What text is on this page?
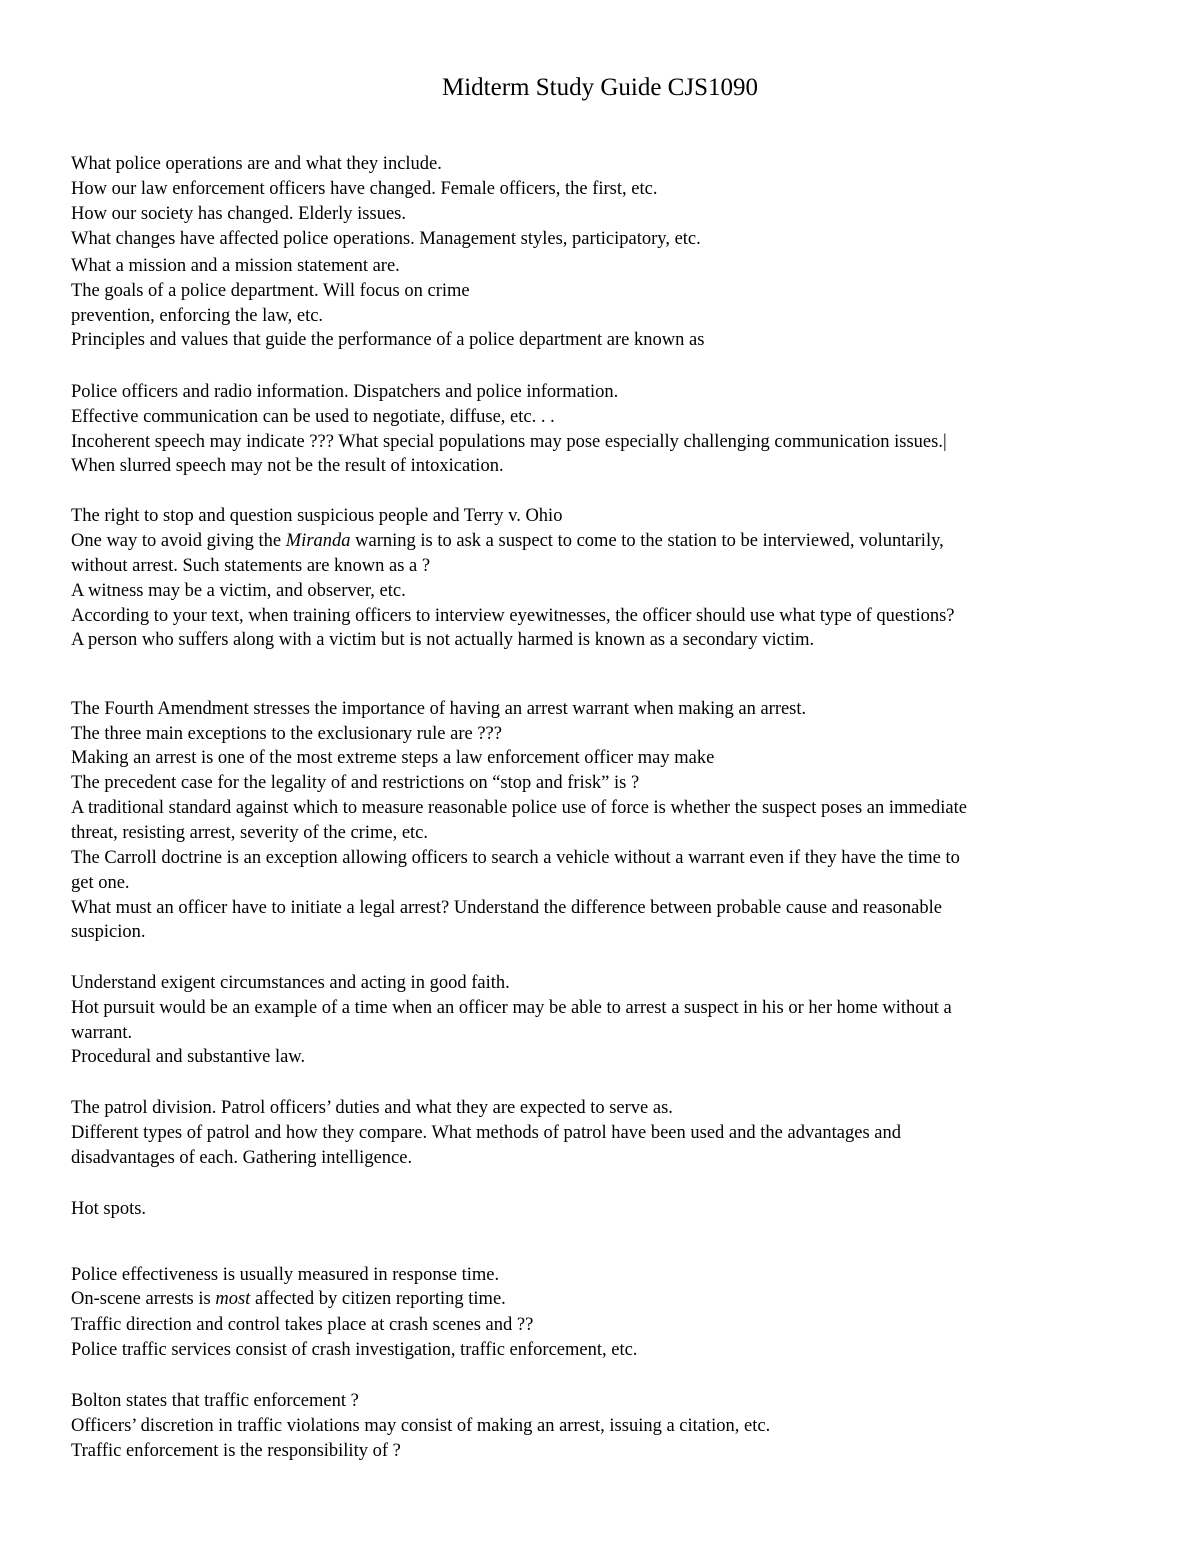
Midterm Study Guide CJS1090
What police operations are and what they include.
How our law enforcement officers have changed. Female officers, the first, etc.
How our society has changed. Elderly issues.
What changes have affected police operations. Management styles, participatory, etc.
What a mission and a mission statement are.
The goals of a police department. Will focus on crime
prevention, enforcing the law, etc.
Principles and values that guide the performance of a police department are known as
Police officers and radio information. Dispatchers and police information.
Effective communication can be used to negotiate, diffuse, etc. . .
Incoherent speech may indicate ??? What special populations may pose especially challenging communication issues.|
When slurred speech may not be the result of intoxication.
The right to stop and question suspicious people and Terry v. Ohio
One way to avoid giving the Miranda warning is to ask a suspect to come to the station to be interviewed, voluntarily,
without arrest. Such statements are known as a ?
A witness may be a victim, and observer, etc.
According to your text, when training officers to interview eyewitnesses, the officer should use what type of questions?
A person who suffers along with a victim but is not actually harmed is known as a secondary victim.
The Fourth Amendment stresses the importance of having an arrest warrant when making an arrest.
The three main exceptions to the exclusionary rule are ???
Making an arrest is one of the most extreme steps a law enforcement officer may make
The precedent case for the legality of and restrictions on “stop and frisk” is ?
A traditional standard against which to measure reasonable police use of force is whether the suspect poses an immediate
threat, resisting arrest, severity of the crime, etc.
The Carroll doctrine is an exception allowing officers to search a vehicle without a warrant even if they have the time to
get one.
What must an officer have to initiate a legal arrest? Understand the difference between probable cause and reasonable
suspicion.
Understand exigent circumstances and acting in good faith.
Hot pursuit would be an example of a time when an officer may be able to arrest a suspect in his or her home without a
warrant.
Procedural and substantive law.
The patrol division. Patrol officers’ duties and what they are expected to serve as.
Different types of patrol and how they compare. What methods of patrol have been used and the advantages and
disadvantages of each. Gathering intelligence.
Hot spots.
Police effectiveness is usually measured in response time.
On-scene arrests is most affected by citizen reporting time.
Traffic direction and control takes place at crash scenes and ??
Police traffic services consist of crash investigation, traffic enforcement, etc.
Bolton states that traffic enforcement ?
Officers’ discretion in traffic violations may consist of making an arrest, issuing a citation, etc.
Traffic enforcement is the responsibility of ?
